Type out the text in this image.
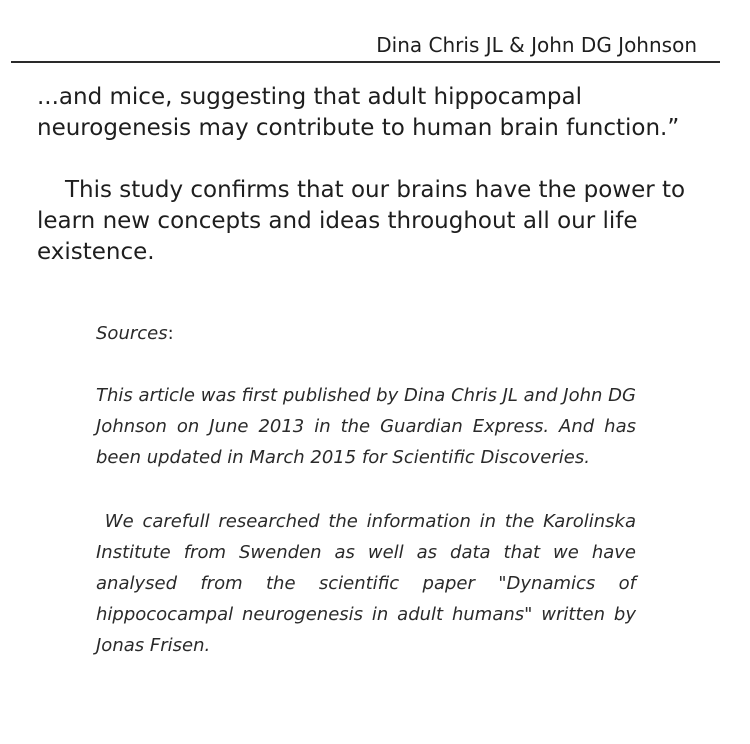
Dina Chris JL & John DG Johnson

...and mice, suggesting that adult hippocampal neurogenesis may contribute to human brain function.”

This study confirms that our brains have the power to learn new concepts and ideas throughout all our life existence.

Sources:
This article was first published by Dina Chris JL and John DG Johnson on June 2013 in the Guardian Express. And has been updated in March 2015 for Scientific Discoveries.
We carefull researched the information in the Karolinska Institute from Swenden as well as data that we have analysed from the scientific paper "Dynamics of hippococampal neurogenesis in adult humans" written by Jonas Frisen.
